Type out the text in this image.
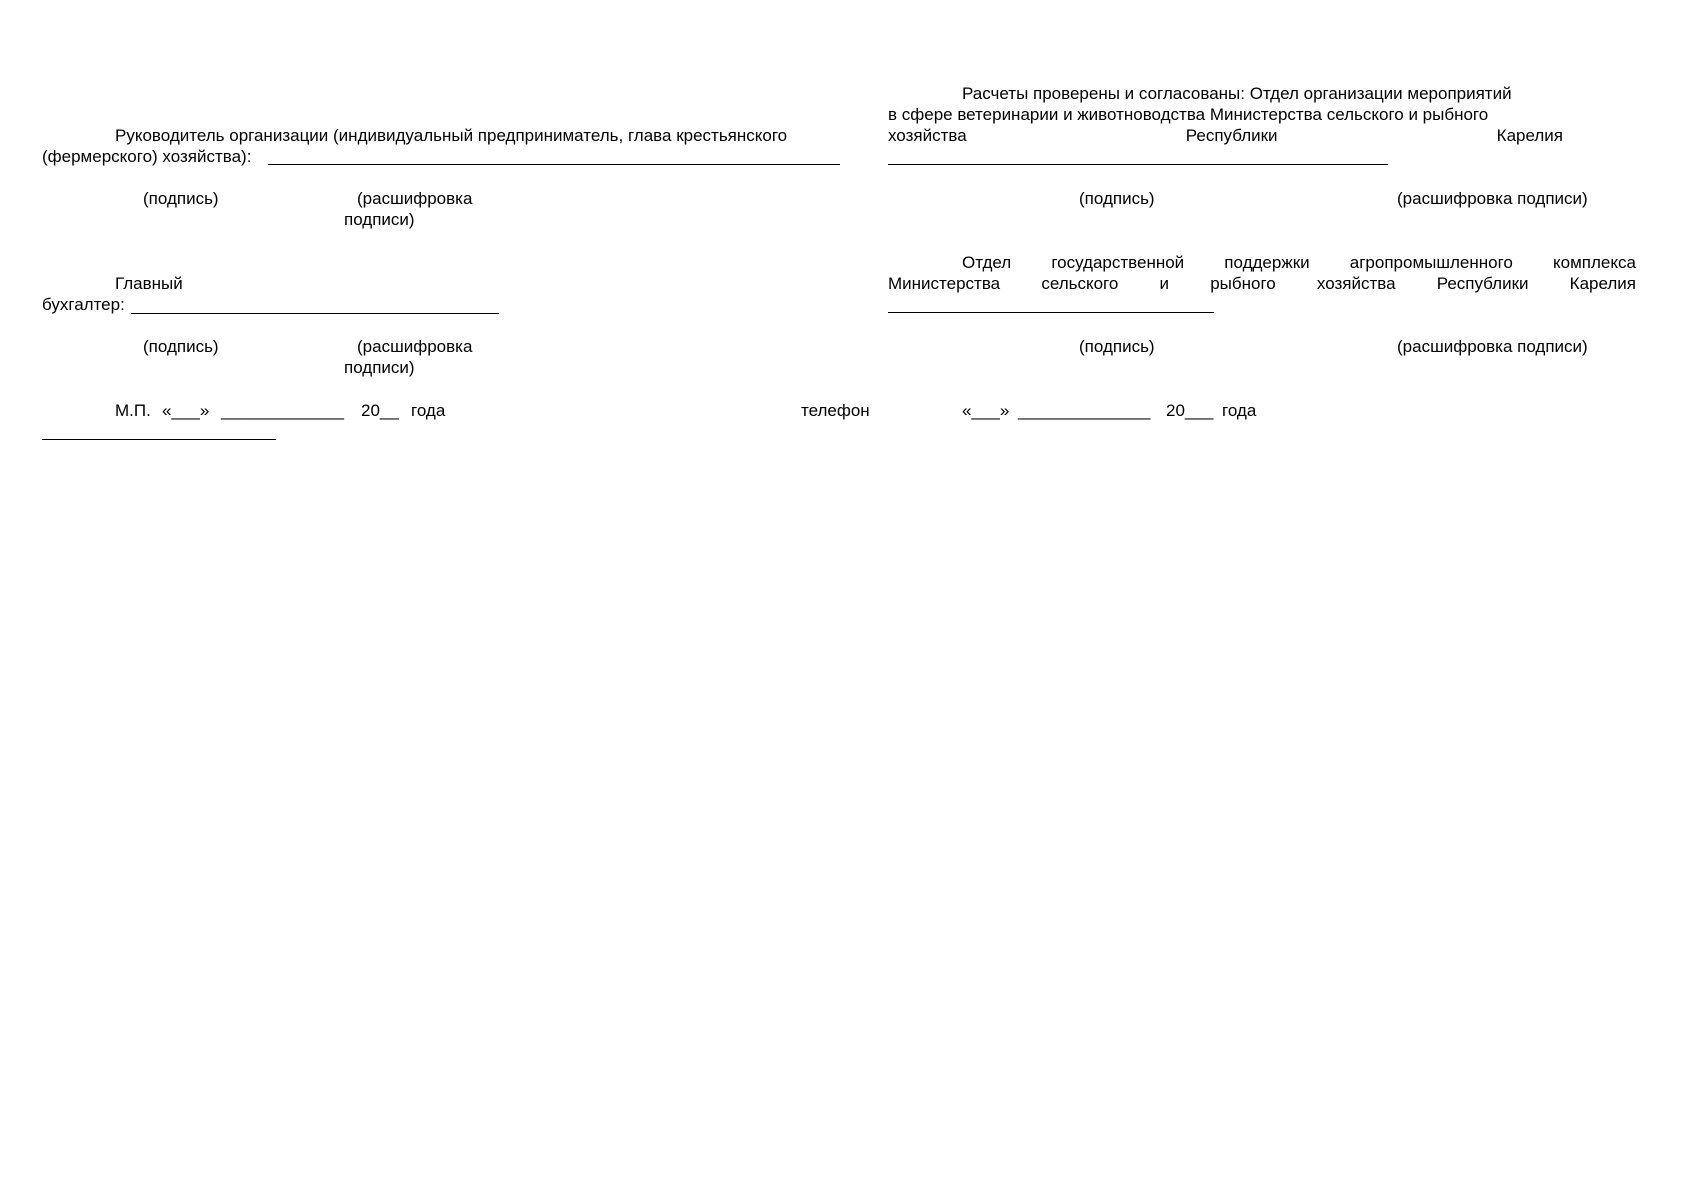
Руководитель организации (индивидуальный предприниматель, глава крестьянского
(фермерского) хозяйства):
(подпись)	(расшифровка
подписи)
Главный
бухгалтер:
(подпись)	(расшифровка
подписи)
М.П. «___» _____________ 20__ года	телефон
Расчеты проверены и согласованы: Отдел организации мероприятий
в сфере ветеринарии и животноводства Министерства сельского и рыбного
хозяйства	Республики	Карелия
(подпись)	(расшифровка подписи)
Отдел государственной поддержки агропромышленного комплекса
Министерства сельского и рыбного хозяйства Республики Карелия
(подпись)	(расшифровка подписи)
«___» ______________ 20___ года
